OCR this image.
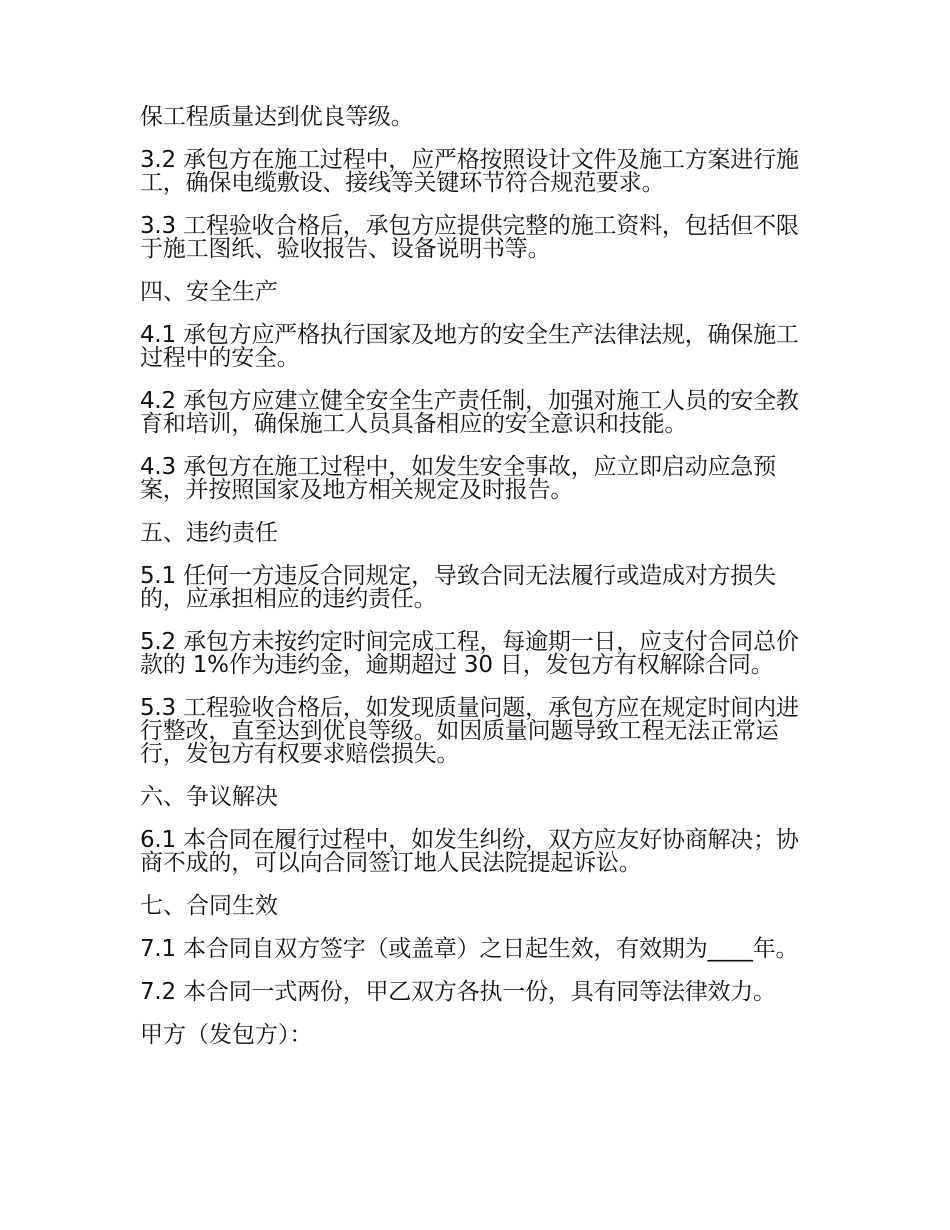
保工程质量达到优良等级。

3.2 承包方在施工过程中，应严格按照设计文件及施工方案进行施工，确保电缆敷设、接线等关键环节符合规范要求。

3.3 工程验收合格后，承包方应提供完整的施工资料，包括但不限于施工图纸、验收报告、设备说明书等。

四、安全生产

4.1 承包方应严格执行国家及地方的安全生产法律法规，确保施工过程中的安全。

4.2 承包方应建立健全安全生产责任制，加强对施工人员的安全教育和培训，确保施工人员具备相应的安全意识和技能。

4.3 承包方在施工过程中，如发生安全事故，应立即启动应急预案，并按照国家及地方相关规定及时报告。

五、违约责任

5.1 任何一方违反合同规定，导致合同无法履行或造成对方损失的，应承担相应的违约责任。

5.2 承包方未按约定时间完成工程，每逾期一日，应支付合同总价款的 1%作为违约金，逾期超过 30 日，发包方有权解除合同。

5.3 工程验收合格后，如发现质量问题，承包方应在规定时间内进行整改，直至达到优良等级。如因质量问题导致工程无法正常运行，发包方有权要求赔偿损失。

六、争议解决

6.1 本合同在履行过程中，如发生纠纷，双方应友好协商解决；协商不成的，可以向合同签订地人民法院提起诉讼。

七、合同生效

7.1 本合同自双方签字（或盖章）之日起生效，有效期为____年。

7.2 本合同一式两份，甲乙双方各执一份，具有同等法律效力。

甲方（发包方）：
